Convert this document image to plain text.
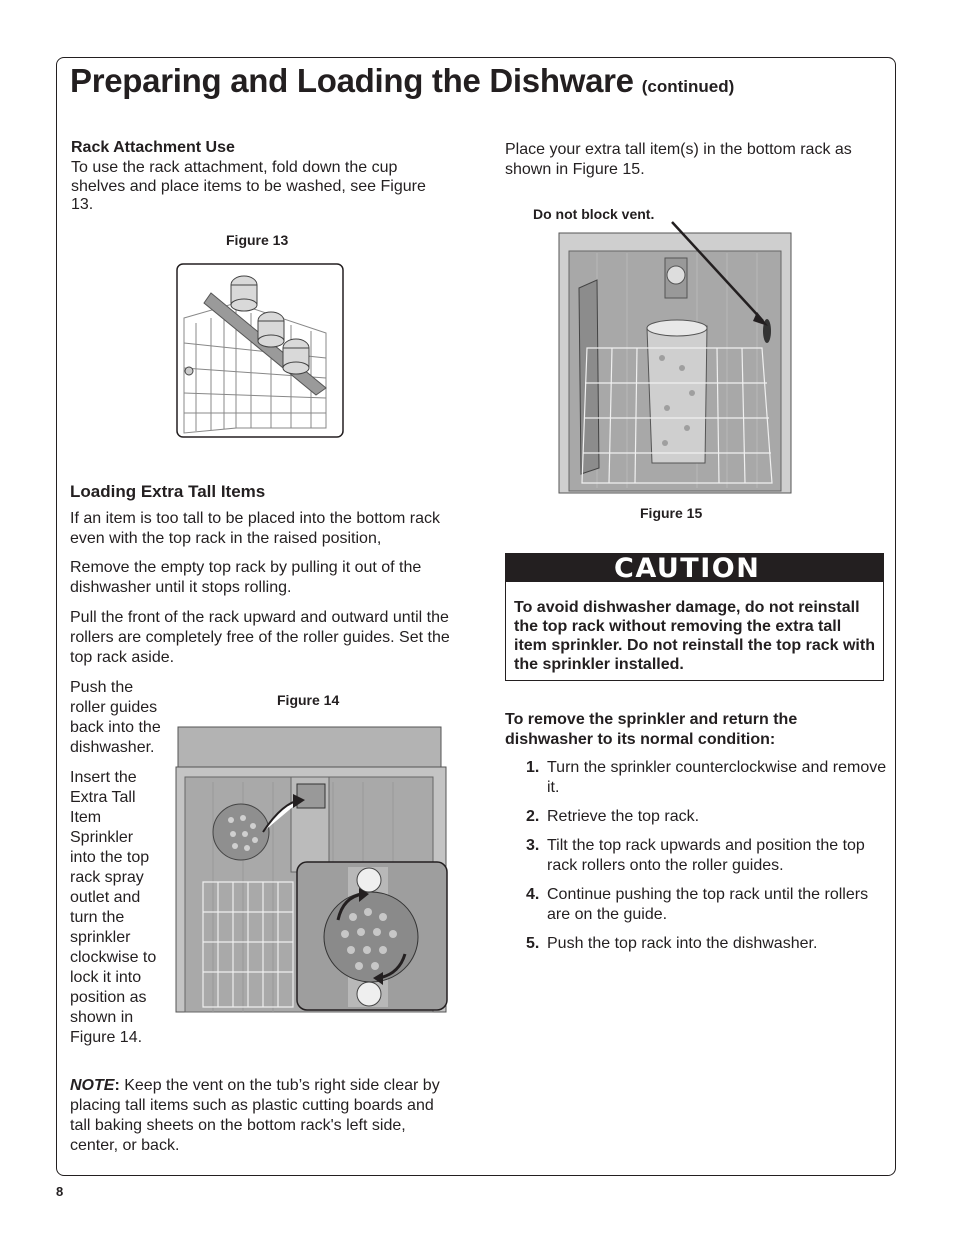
Preparing and Loading the Dishware (continued)
Rack Attachment Use
To use the rack attachment, fold down the cup shelves and place items to be washed, see Figure 13.
Figure 13
Loading Extra Tall Items
If an item is too tall to be placed into the bottom rack even with the top rack in the raised position,
Remove the empty top rack by pulling it out of the dishwasher until it stops rolling.
Pull the front of the rack upward and outward until the rollers are completely free of the roller guides. Set the top rack aside.
Push the roller guides back into the dishwasher.
Insert the Extra Tall Item Sprinkler into the top rack spray outlet and turn the sprinkler clockwise to lock it into position as shown in Figure 14.
Figure 14
NOTE: Keep the vent on the tub’s right side clear by placing tall items such as plastic cutting boards and tall baking sheets on the bottom rack's left side, center, or back.
Place your extra tall item(s) in the bottom rack as shown in Figure 15.
Do not block vent.
Figure 15
CAUTION
To avoid dishwasher damage, do not reinstall the top rack without removing the extra tall item sprinkler. Do not reinstall the top rack with the sprinkler installed.
To remove the sprinkler and return the dishwasher to its normal condition:
1. Turn the sprinkler counterclockwise and remove it.
2. Retrieve the top rack.
3. Tilt the top rack upwards and position the top rack rollers onto the roller guides.
4. Continue pushing the top rack until the rollers are on the guide.
5. Push the top rack into the dishwasher.
8
